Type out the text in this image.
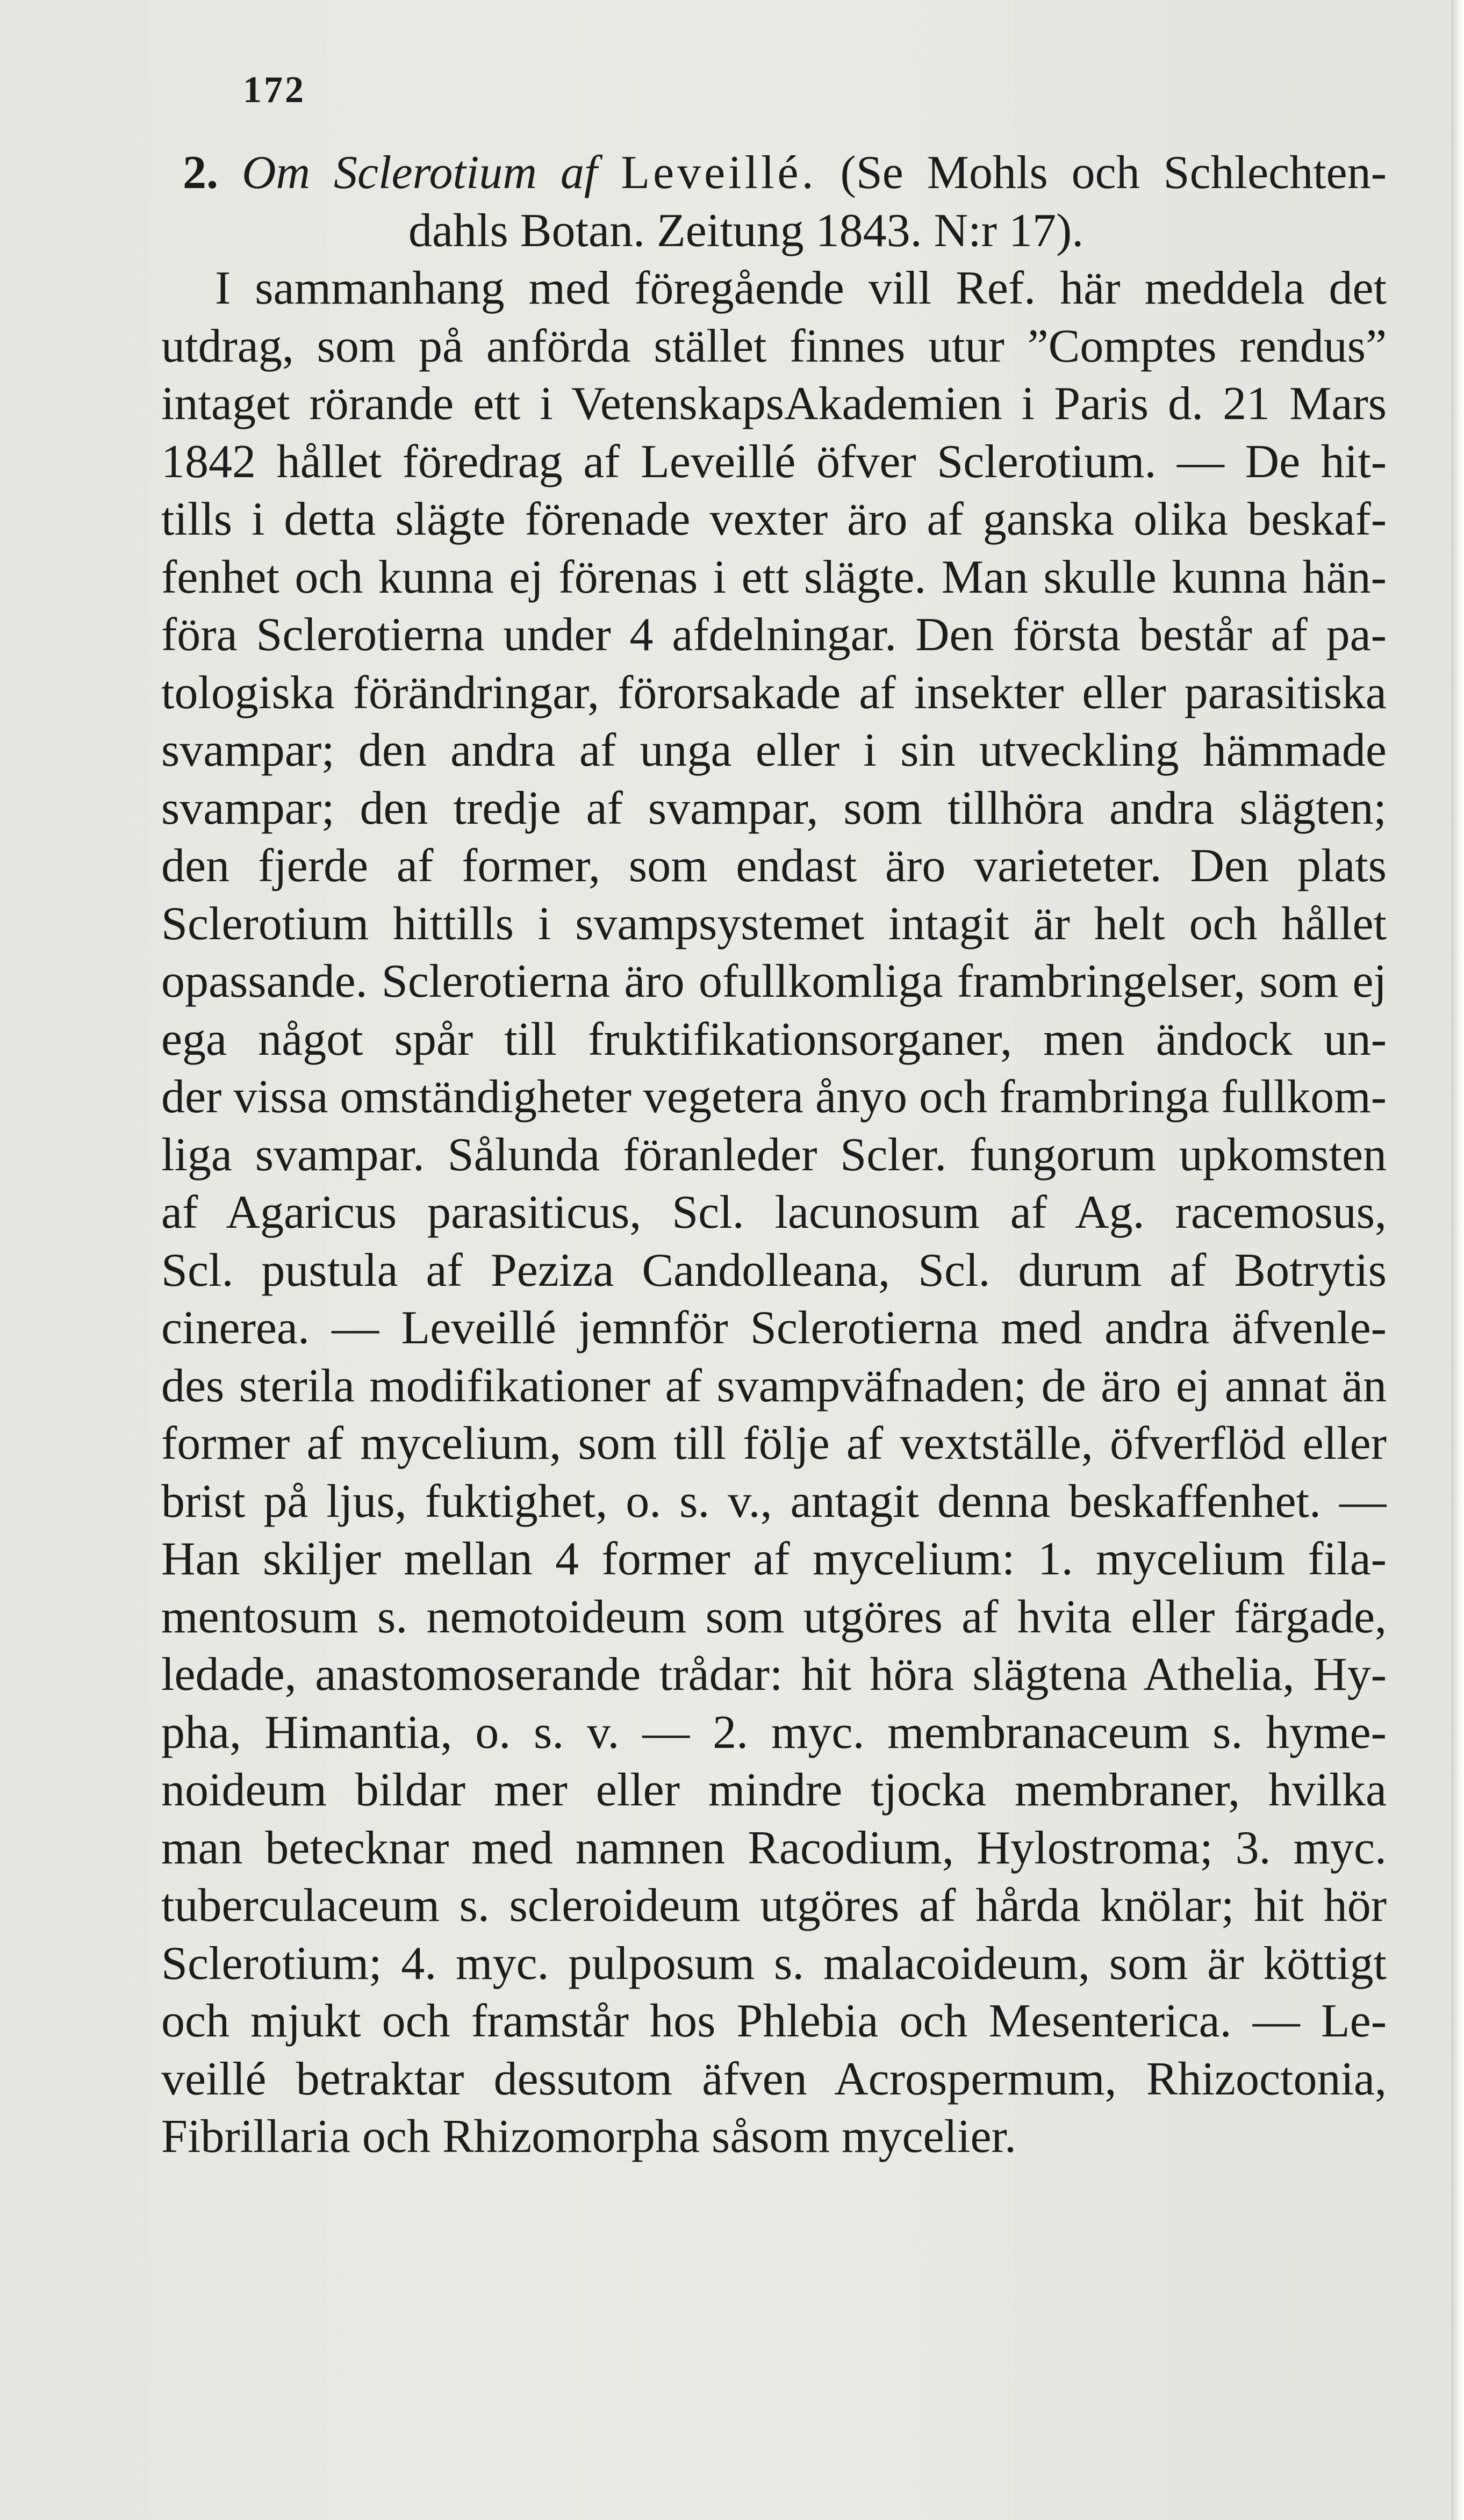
172

2. Om Sclerotium af Leveillé. (Se Mohls och Schlechten-

dahls Botan. Zeitung 1843. N:r 17).

I sammanhang med föregående vill Ref. här meddela det

utdrag, som på anförda stället finnes utur ”Comptes rendus”

intaget rörande ett i VetenskapsAkademien i Paris d. 21 Mars

1842 hållet föredrag af Leveillé öfver Sclerotium. — De hit-

tills i detta slägte förenade vexter äro af ganska olika beskaf-

fenhet och kunna ej förenas i ett slägte. Man skulle kunna hän-

föra Sclerotierna under 4 afdelningar. Den första består af pa-

tologiska förändringar, förorsakade af insekter eller parasitiska

svampar; den andra af unga eller i sin utveckling hämmade

svampar; den tredje af svampar, som tillhöra andra slägten;

den fjerde af former, som endast äro varieteter. Den plats

Sclerotium hittills i svampsystemet intagit är helt och hållet

opassande. Sclerotierna äro ofullkomliga frambringelser, som ej

ega något spår till fruktifikationsorganer, men ändock un-

der vissa omständigheter vegetera ånyo och frambringa fullkom-

liga svampar. Sålunda föranleder Scler. fungorum upkomsten

af Agaricus parasiticus, Scl. lacunosum af Ag. racemosus,

Scl. pustula af Peziza Candolleana, Scl. durum af Botrytis

cinerea. — Leveillé jemnför Sclerotierna med andra äfvenle-

des sterila modifikationer af svampväfnaden; de äro ej annat än

former af mycelium, som till följe af vextställe, öfverflöd eller

brist på ljus, fuktighet, o. s. v., antagit denna beskaffenhet. —

Han skiljer mellan 4 former af mycelium: 1. mycelium fila-

mentosum s. nemotoideum som utgöres af hvita eller färgade,

ledade, anastomoserande trådar: hit höra slägtena Athelia, Hy-

pha, Himantia, o. s. v. — 2. myc. membranaceum s. hyme-

noideum bildar mer eller mindre tjocka membraner, hvilka

man betecknar med namnen Racodium, Hylostroma; 3. myc.

tuberculaceum s. scleroideum utgöres af hårda knölar; hit hör

Sclerotium; 4. myc. pulposum s. malacoideum, som är köttigt

och mjukt och framstår hos Phlebia och Mesenterica. — Le-

veillé betraktar dessutom äfven Acrospermum, Rhizoctonia,

Fibrillaria och Rhizomorpha såsom mycelier.
